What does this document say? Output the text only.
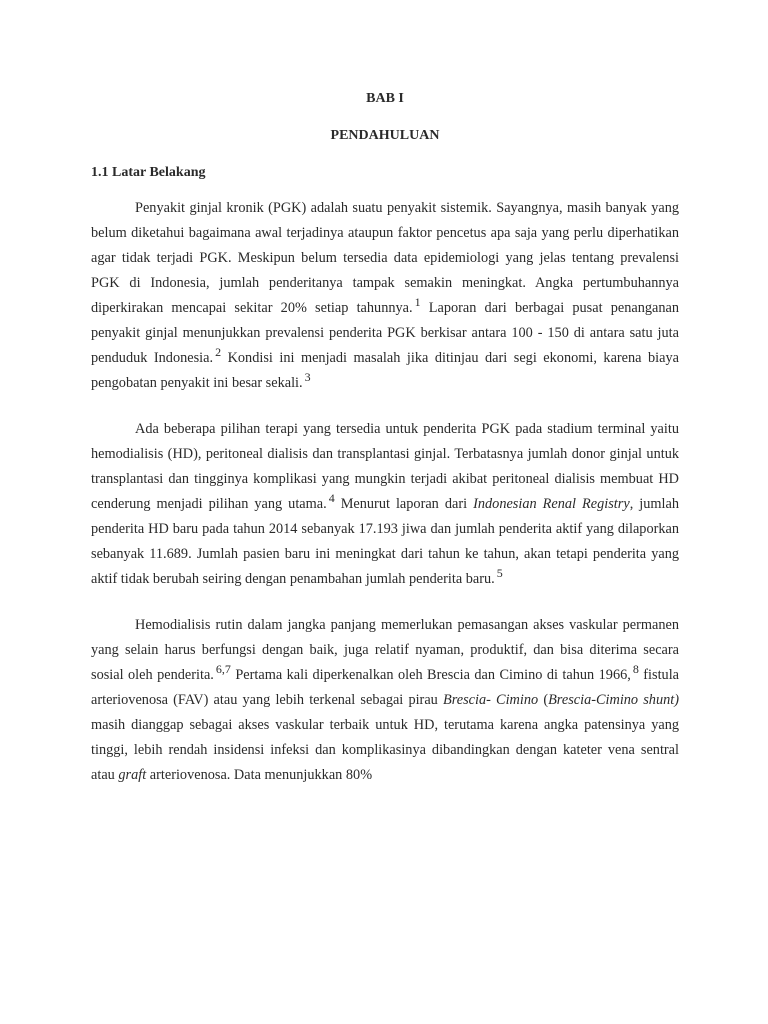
BAB I
PENDAHULUAN
1.1 Latar Belakang

Penyakit ginjal kronik (PGK) adalah suatu penyakit sistemik. Sayangnya, masih banyak yang belum diketahui bagaimana awal terjadinya ataupun faktor pencetus apa saja yang perlu diperhatikan agar tidak terjadi PGK. Meskipun belum tersedia data epidemiologi yang jelas tentang prevalensi PGK di Indonesia, jumlah penderitanya tampak semakin meningkat. Angka pertumbuhannya diperkirakan mencapai sekitar 20% setiap tahunnya. $^1$ Laporan dari berbagai pusat penanganan penyakit ginjal menunjukkan prevalensi penderita PGK berkisar antara 100 - 150 di antara satu juta penduduk Indonesia. $^2$ Kondisi ini menjadi masalah jika ditinjau dari segi ekonomi, karena biaya pengobatan penyakit ini besar sekali. $^3$

Ada beberapa pilihan terapi yang tersedia untuk penderita PGK pada stadium terminal yaitu hemodialisis (HD), peritoneal dialisis dan transplantasi ginjal. Terbatasnya jumlah donor ginjal untuk transplantasi dan tingginya komplikasi yang mungkin terjadi akibat peritoneal dialisis membuat HD cenderung menjadi pilihan yang utama. $^4$ Menurut laporan dari Indonesian Renal Registry, jumlah penderita HD baru pada tahun 2014 sebanyak 17.193 jiwa dan jumlah penderita aktif yang dilaporkan sebanyak 11.689. Jumlah pasien baru ini meningkat dari tahun ke tahun, akan tetapi penderita yang aktif tidak berubah seiring dengan penambahan jumlah penderita baru. $^5$

Hemodialisis rutin dalam jangka panjang memerlukan pemasangan akses vaskular permanen yang selain harus berfungsi dengan baik, juga relatif nyaman, produktif, dan bisa diterima secara sosial oleh penderita. $^{6,7}$ Pertama kali diperkenalkan oleh Brescia dan Cimino di tahun 1966, $^8$ fistula arteriovenosa (FAV) atau yang lebih terkenal sebagai pirau Brescia- Cimino (Brescia-Cimino shunt) masih dianggap sebagai akses vaskular terbaik untuk HD, terutama karena angka patensinya yang tinggi, lebih rendah insidensi infeksi dan komplikasinya dibandingkan dengan kateter vena sentral atau graft arteriovenosa. Data menunjukkan 80%
